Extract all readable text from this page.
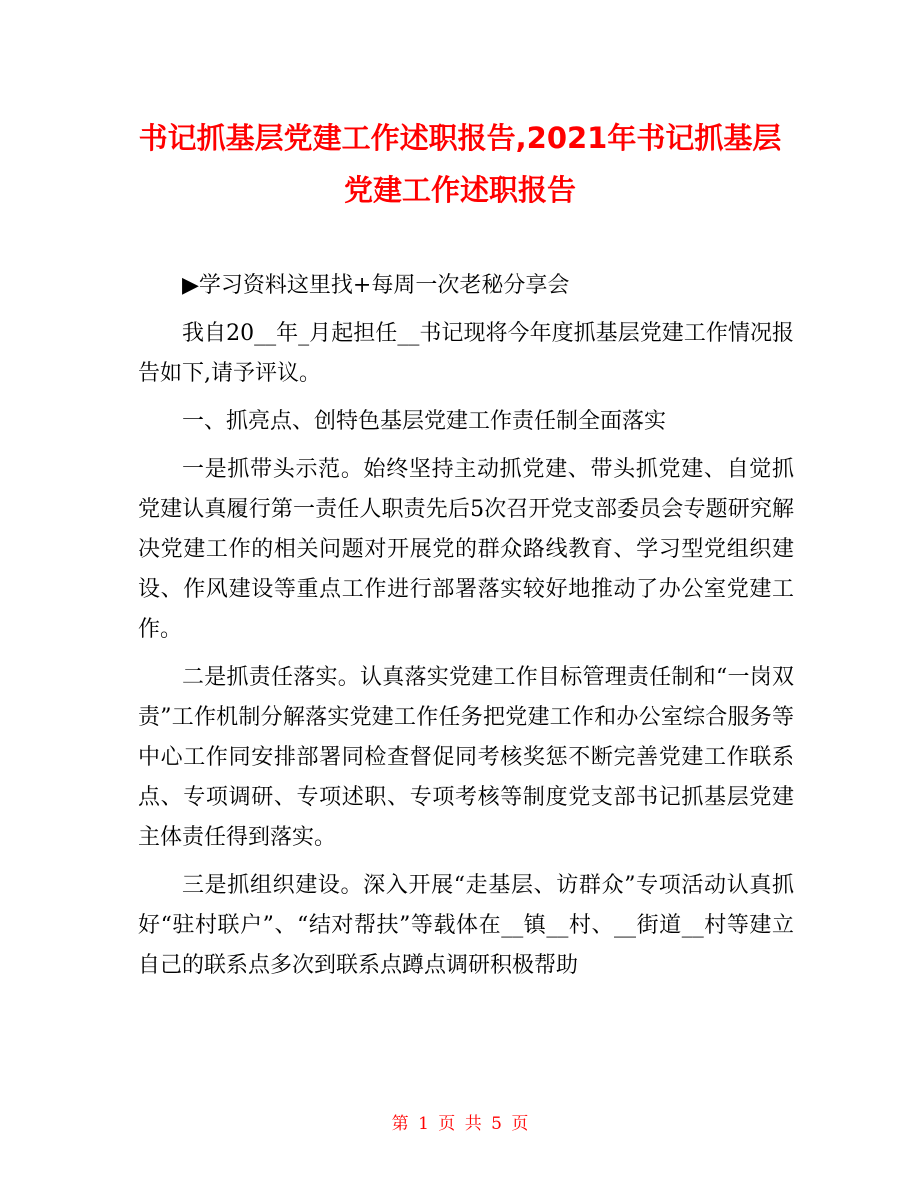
书记抓基层党建工作述职报告,2021年书记抓基层党建工作述职报告

▶学习资料这里找+每周一次老秘分享会

我自20__年_月起担任__书记现将今年度抓基层党建工作情况报告如下,请予评议。

一、抓亮点、创特色基层党建工作责任制全面落实

一是抓带头示范。始终坚持主动抓党建、带头抓党建、自觉抓党建认真履行第一责任人职责先后5次召开党支部委员会专题研究解决党建工作的相关问题对开展党的群众路线教育、学习型党组织建设、作风建设等重点工作进行部署落实较好地推动了办公室党建工作。

二是抓责任落实。认真落实党建工作目标管理责任制和“一岗双责”工作机制分解落实党建工作任务把党建工作和办公室综合服务等中心工作同安排部署同检查督促同考核奖惩不断完善党建工作联系点、专项调研、专项述职、专项考核等制度党支部书记抓基层党建主体责任得到落实。

三是抓组织建设。深入开展“走基层、访群众”专项活动认真抓好“驻村联户”、“结对帮扶”等载体在__镇__村、__街道__村等建立自己的联系点多次到联系点蹲点调研积极帮助

第 1 页 共 5 页
